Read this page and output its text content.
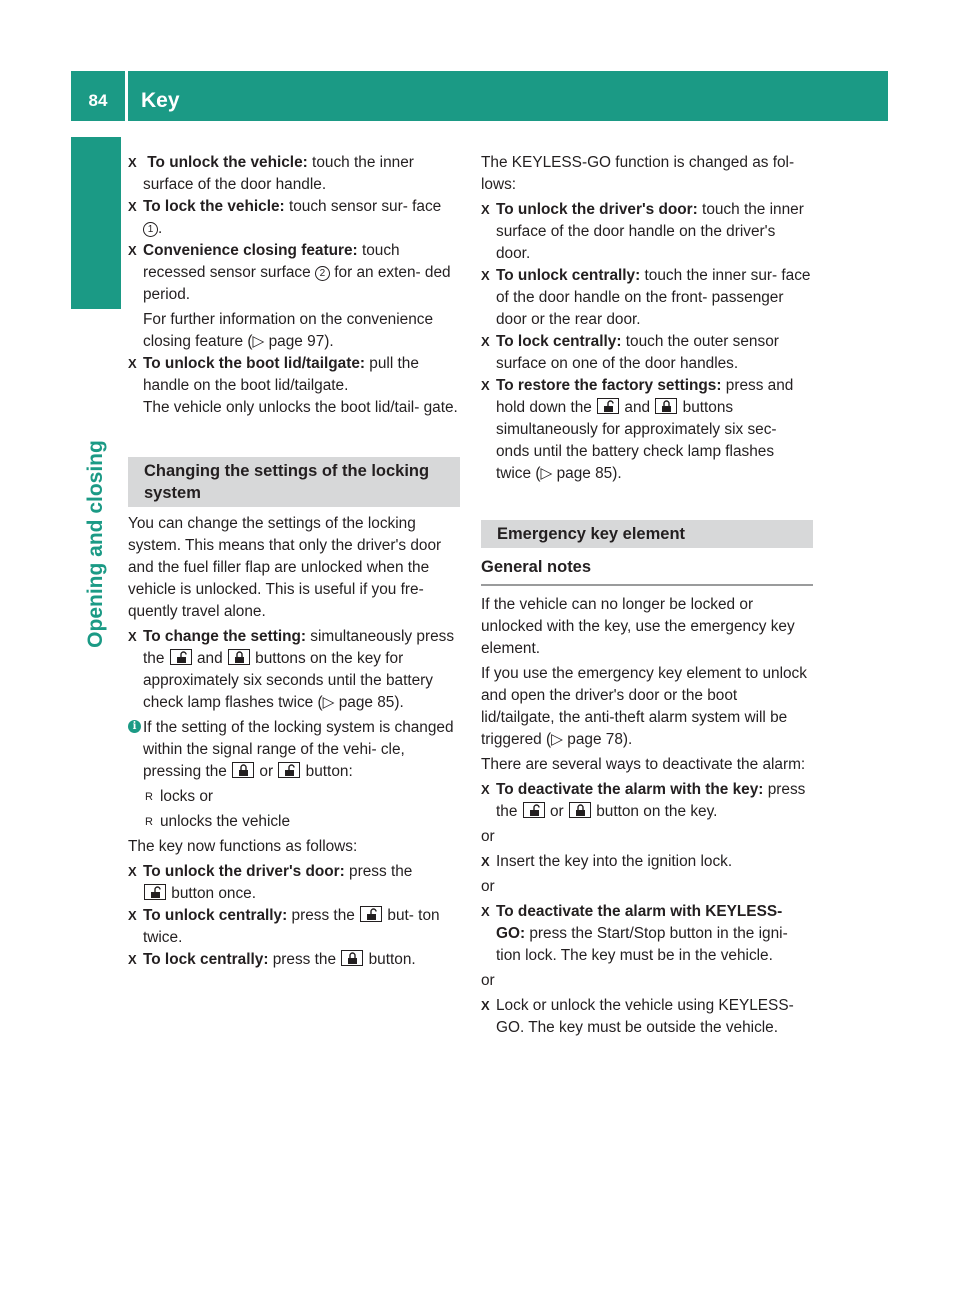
84	Key
Opening and closing
X To unlock the vehicle: touch the inner surface of the door handle.

X To lock the vehicle: touch sensor sur- face 1 .

X Convenience closing feature: touch recessed sensor surface 2 for an exten- ded period.

For further information on the convenience closing feature (▷ page 97).

X To unlock the boot lid/tailgate: pull the handle on the boot lid/tailgate.

The vehicle only unlocks the boot lid/tail- gate.

Changing the settings of the locking system

You can change the settings of the locking system. This means that only the driver's door and the fuel filler flap are unlocked when the vehicle is unlocked. This is useful if you fre- quently travel alone.

X To change the setting: simultaneously press the
and
buttons on the key for approximately six seconds until the battery check lamp flashes twice (▷ page 85).

i If the setting of the locking system is changed within the signal range of the vehi- cle, pressing the
or
button:

R locks or
R unlocks the vehicle

The key now functions as follows:

X To unlock the driver's door: press the

button once.

X To unlock centrally: press the
but- ton twice.

X To lock centrally: press the
button.

The KEYLESS-GO function is changed as fol- lows:

X To unlock the driver's door: touch the inner surface of the door handle on the driver's door.

X To unlock centrally: touch the inner sur- face of the door handle on the front- passenger door or the rear door.

X To lock centrally: touch the outer sensor surface on one of the door handles.

X To restore the factory settings: press and hold down the
and
buttons simultaneously for approximately six sec- onds until the battery check lamp flashes twice (▷ page 85).

Emergency key element
General notes

If the vehicle can no longer be locked or unlocked with the key, use the emergency key element.

If you use the emergency key element to unlock and open the driver's door or the boot lid/tailgate, the anti-theft alarm system will be triggered (▷ page 78).

There are several ways to deactivate the alarm:

X To deactivate the alarm with the key: press the
or
button on the key.

or

X Insert the key into the ignition lock.

or

X To deactivate the alarm with KEYLESS- GO: press the Start/Stop button in the igni- tion lock. The key must be in the vehicle.

or

X Lock or unlock the vehicle using KEYLESS- GO. The key must be outside the vehicle.
